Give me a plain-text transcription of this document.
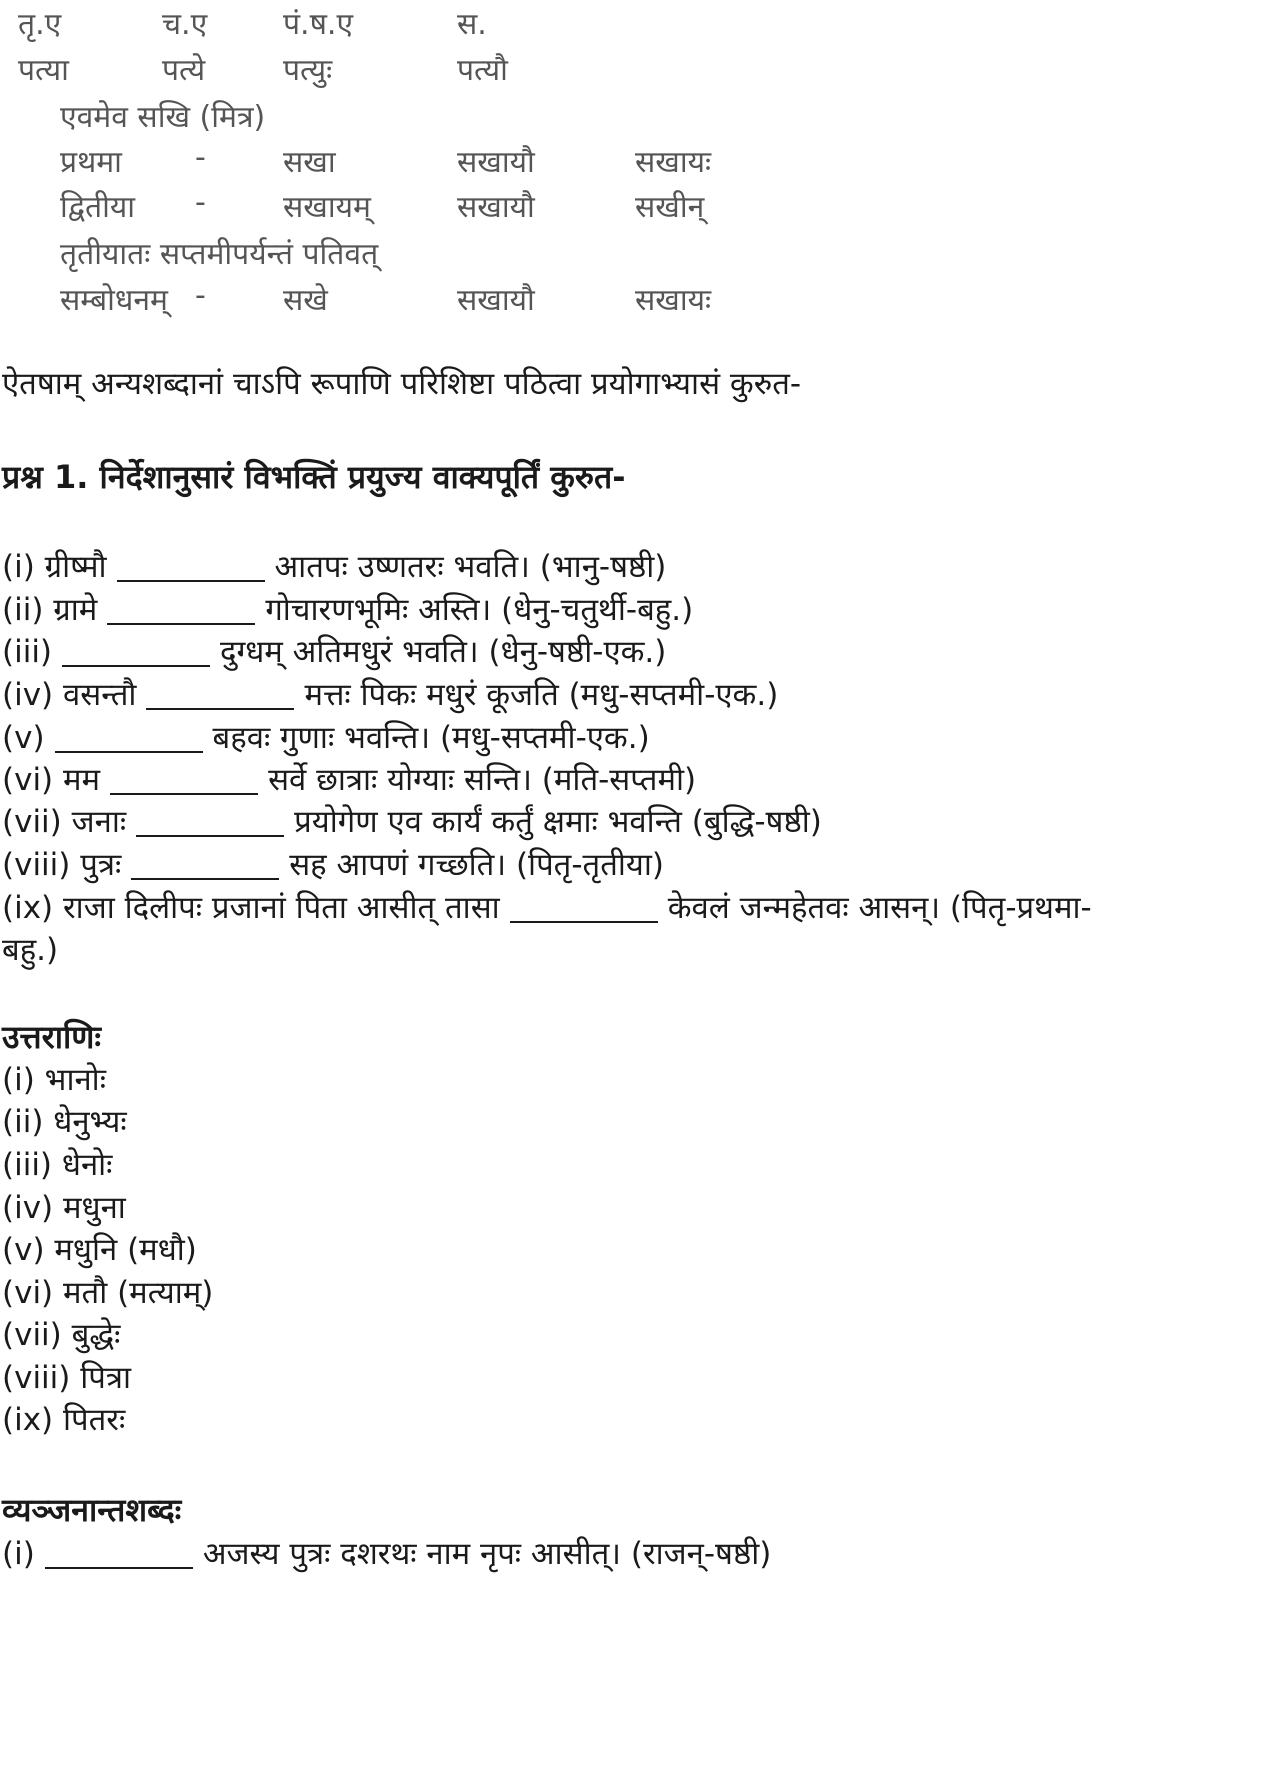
तृ.ए	च.ए	पं.ष.ए	स.
पत्या	पत्ये	पत्युः	पत्यौ
एवमेव सखि (मित्र)
प्रथमा -	सखा	सखायौ	सखायः
द्वितीया -	सखायम्	सखायौ	सखीन्
तृतीयातः सप्तमीपर्यन्तं पतिवत्
सम्बोधनम् -	सखे	सखायौ	सखायः
ऐतषाम् अन्यशब्दानां चाऽपि रूपाणि परिशिष्टा पठित्वा प्रयोगाभ्यासं कुरुत-
प्रश्न 1. निर्देशानुसारं विभक्तिं प्रयुज्य वाक्यपूर्तिं कुरुत-
(i) ग्रीष्मौ	आतपः उष्णतरः भवति। (भानु-षष्ठी)
(ii) ग्रामे	गोचारणभूमिः अस्ति। (धेनु-चतुर्थी-बहु.)
(iii)	दुग्धम् अतिमधुरं भवति। (धेनु-षष्ठी-एक.)
(iv) वसन्तौ	मत्तः पिकः मधुरं कूजति (मधु-सप्तमी-एक.)
(v)	बहवः गुणाः भवन्ति। (मधु-सप्तमी-एक.)
(vi) मम	सर्वे छात्राः योग्याः सन्ति। (मति-सप्तमी)
(vii) जनाः	प्रयोगेण एव कार्यं कर्तुं क्षमाः भवन्ति (बुद्धि-षष्ठी)
(viii) पुत्रः	सह आपणं गच्छति। (पितृ-तृतीया)
(ix) राजा दिलीपः प्रजानां पिता आसीत् तासा	केवलं जन्महेतवः आसन्। (पितृ-प्रथमा-
बहु.)
उत्तराणिः
(i) भानोः
(ii) धेनुभ्यः
(iii) धेनोः
(iv) मधुना
(v) मधुनि (मधौ)
(vi) मतौ (मत्याम्)
(vii) बुद्धेः
(viii) पित्रा
(ix) पितरः
व्यञ्जनान्तशब्दः
(i)	अजस्य पुत्रः दशरथः नाम नृपः आसीत्। (राजन्-षष्ठी)
